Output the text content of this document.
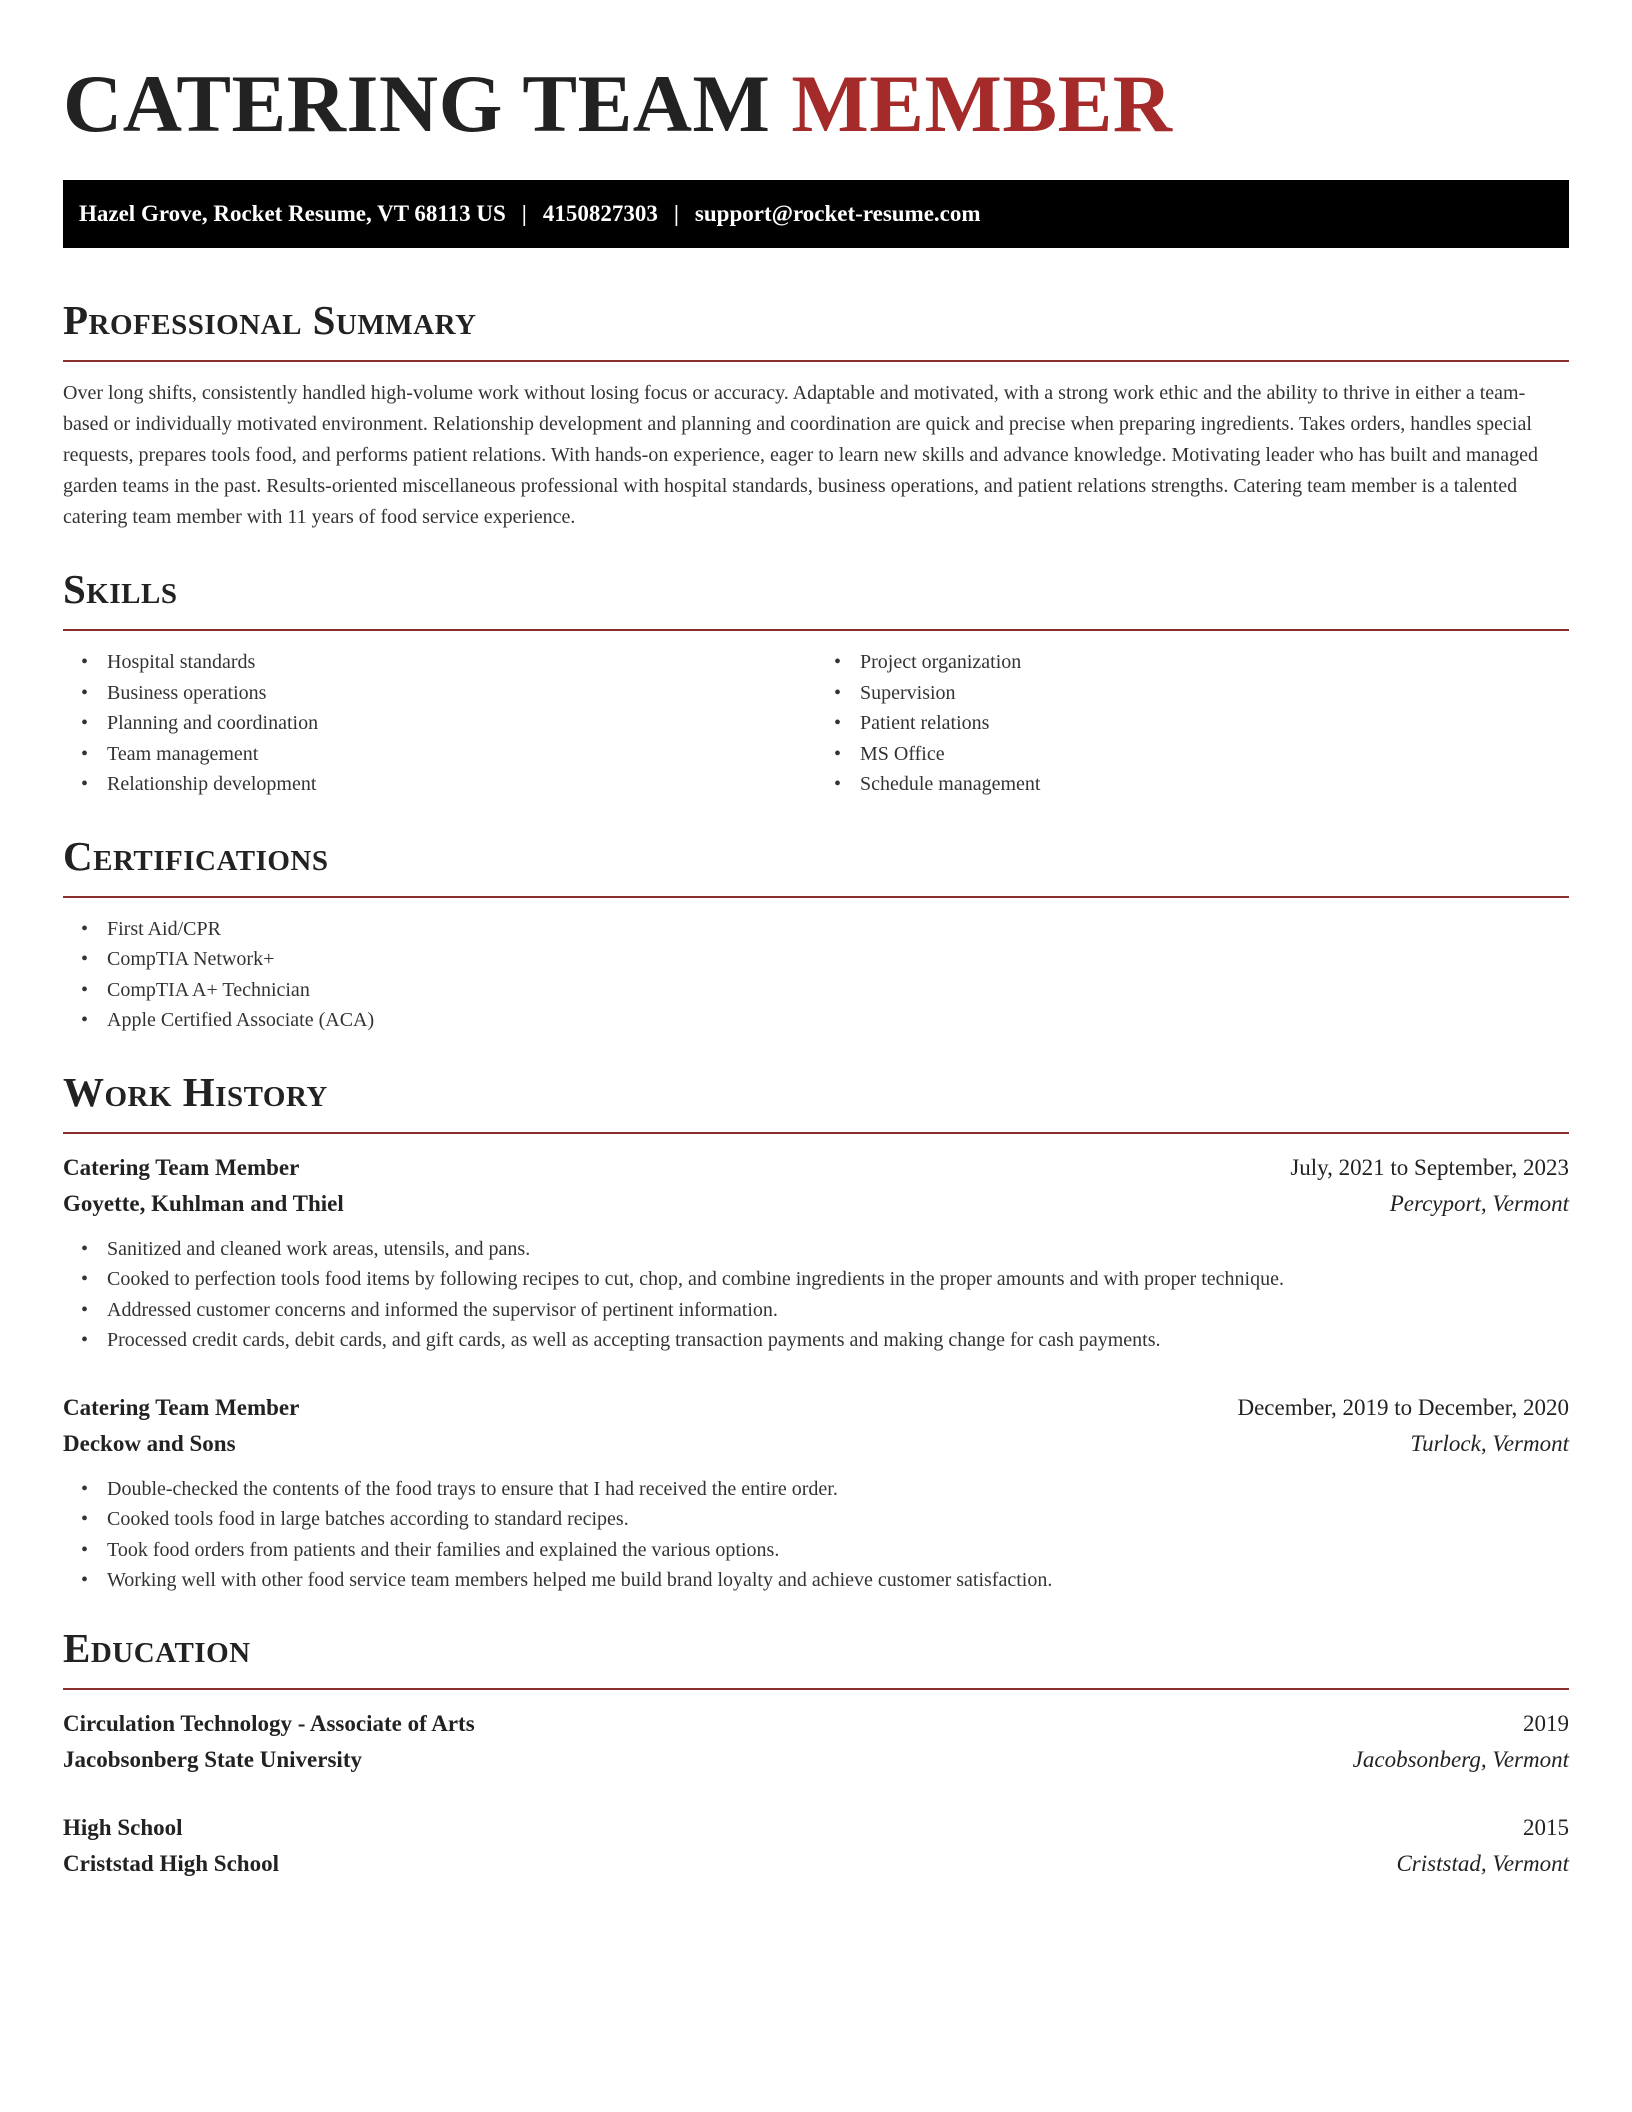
CATERING TEAM MEMBER
Hazel Grove, Rocket Resume, VT 68113 US | 4150827303 | support@rocket-resume.com
Professional Summary

Over long shifts, consistently handled high-volume work without losing focus or accuracy. Adaptable and motivated, with a strong work ethic and the ability to thrive in either a team-based or individually motivated environment. Relationship development and planning and coordination are quick and precise when preparing ingredients. Takes orders, handles special requests, prepares tools food, and performs patient relations. With hands-on experience, eager to learn new skills and advance knowledge. Motivating leader who has built and managed garden teams in the past. Results-oriented miscellaneous professional with hospital standards, business operations, and patient relations strengths. Catering team member is a talented catering team member with 11 years of food service experience.

Skills
• Hospital standards
• Business operations
• Planning and coordination
• Team management
• Relationship development
• Project organization
• Supervision
• Patient relations
• MS Office
• Schedule management
Certifications
• First Aid/CPR
• CompTIA Network+
• CompTIA A+ Technician
• Apple Certified Associate (ACA)
Work History
Catering Team Member	July, 2021 to September, 2023
Goyette, Kuhlman and Thiel	Percyport, Vermont
• Sanitized and cleaned work areas, utensils, and pans.
• Cooked to perfection tools food items by following recipes to cut, chop, and combine ingredients in the proper amounts and with proper technique.
• Addressed customer concerns and informed the supervisor of pertinent information.
• Processed credit cards, debit cards, and gift cards, as well as accepting transaction payments and making change for cash payments.
Catering Team Member	December, 2019 to December, 2020
Deckow and Sons	Turlock, Vermont
• Double-checked the contents of the food trays to ensure that I had received the entire order.
• Cooked tools food in large batches according to standard recipes.
• Took food orders from patients and their families and explained the various options.
• Working well with other food service team members helped me build brand loyalty and achieve customer satisfaction.
Education
Circulation Technology - Associate of Arts	2019
Jacobsonberg State University	Jacobsonberg, Vermont
High School	2015
Criststad High School	Criststad, Vermont
